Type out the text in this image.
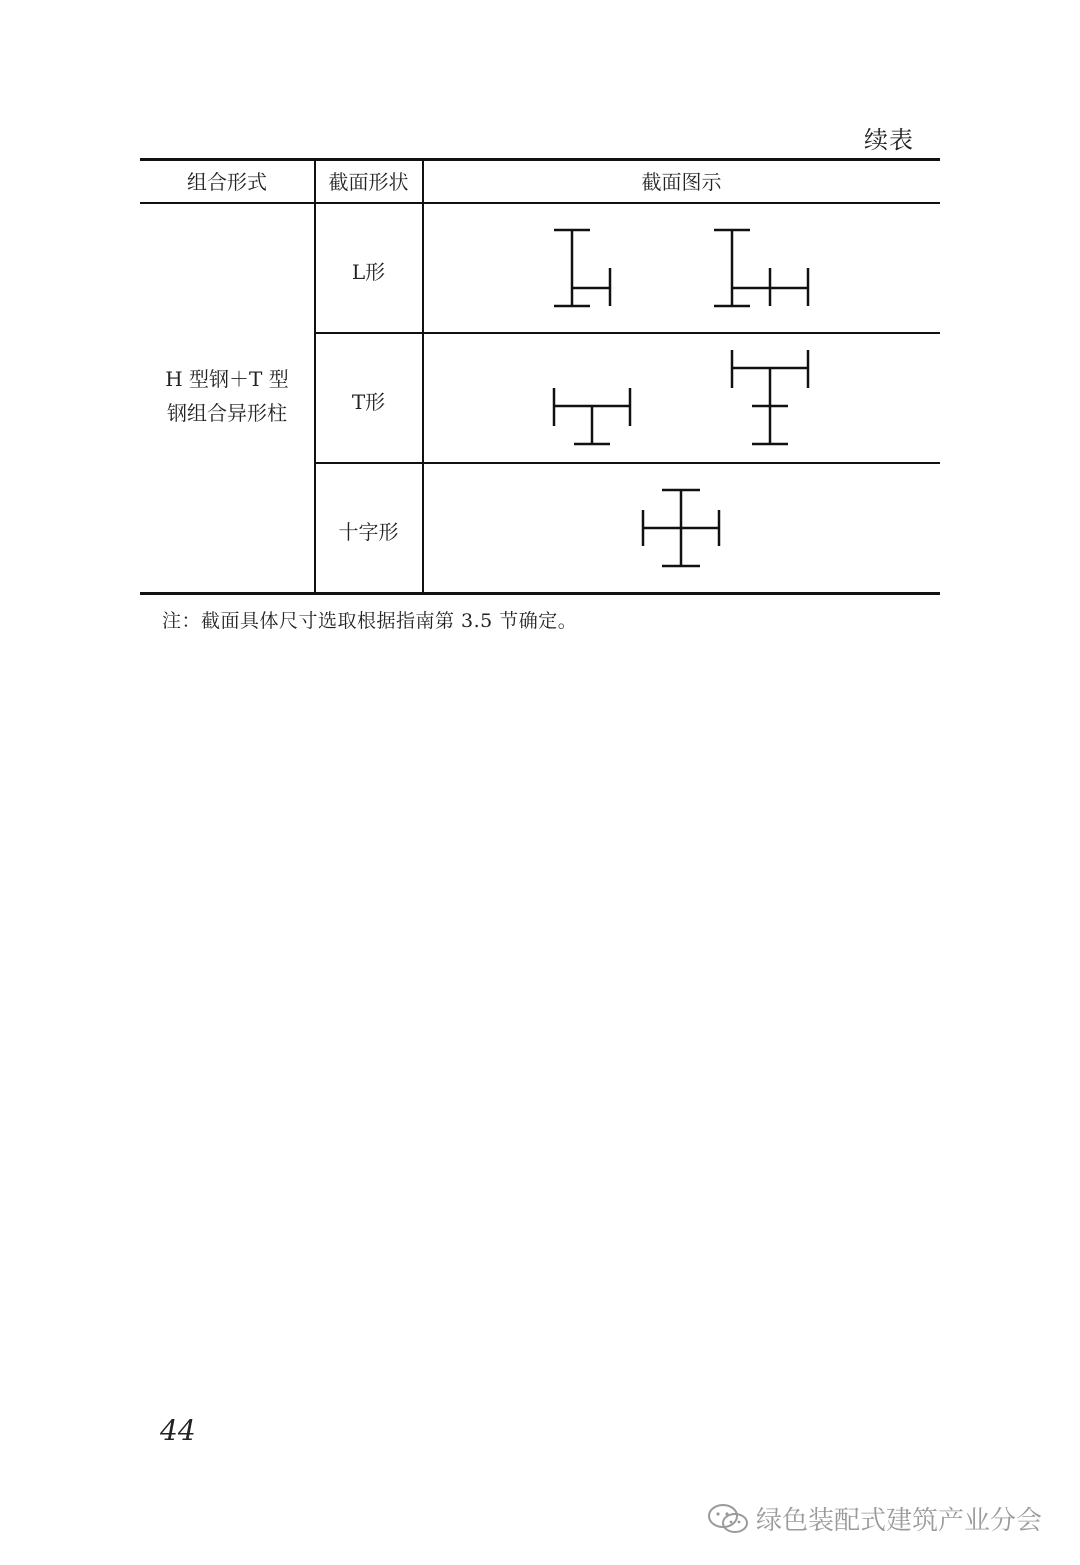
续表
组合形式	截面形状	截面图示
H 型钢＋T 型
钢组合异形柱
L形
T形
十字形
注：截面具体尺寸选取根据指南第 3.5 节确定。
44
绿色装配式建筑产业分会
